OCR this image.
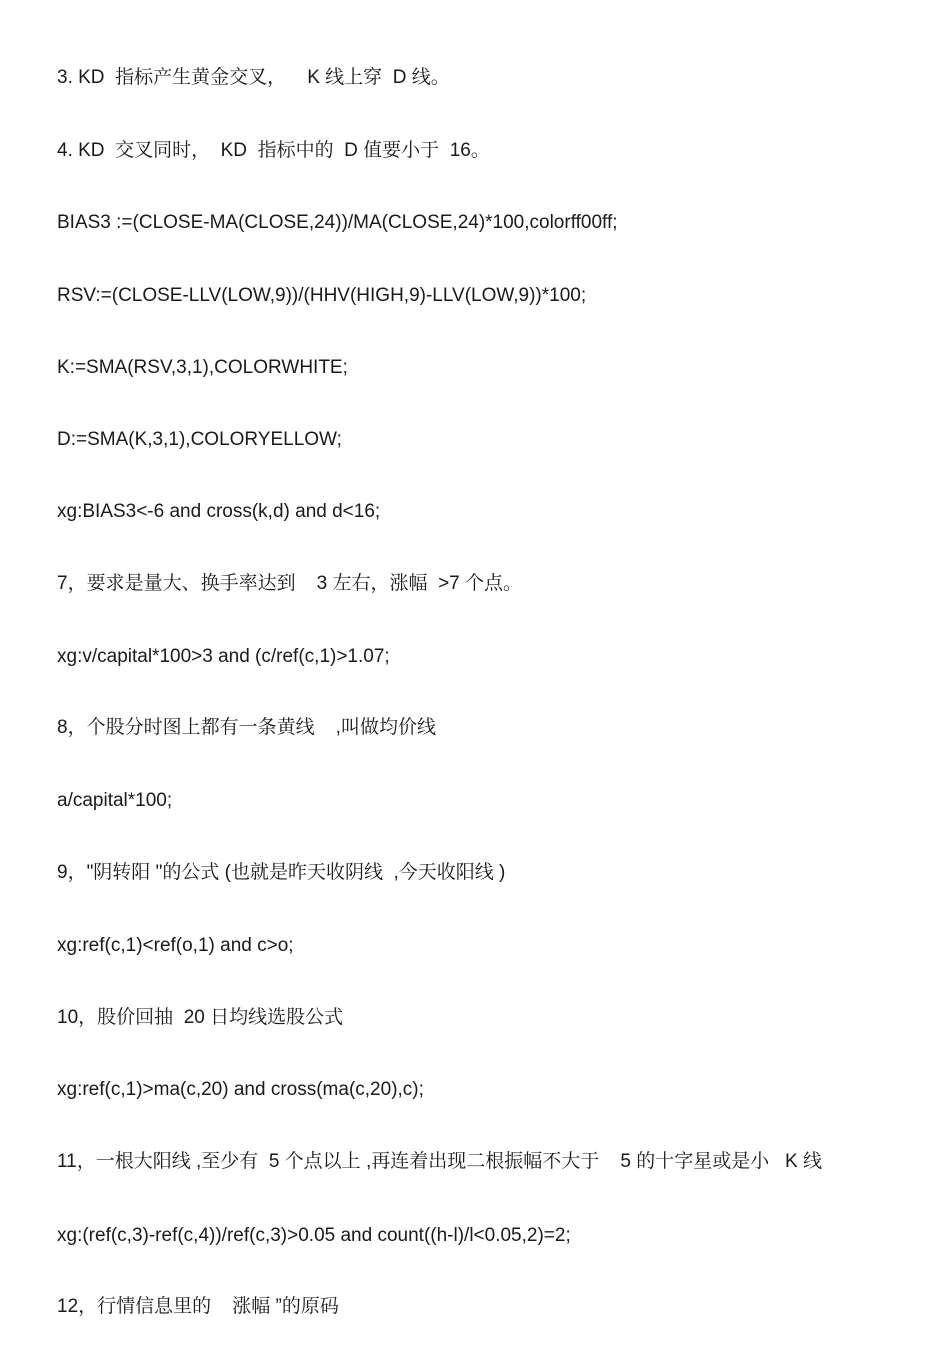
3. KD  指标产生黄金交叉，    K 线上穿  D 线。
4. KD  交叉同时，  KD  指标中的  D 值要小于  16。
BIAS3 :=(CLOSE-MA(CLOSE,24))/MA(CLOSE,24)*100,colorff00ff;
RSV:=(CLOSE-LLV(LOW,9))/(HHV(HIGH,9)-LLV(LOW,9))*100;
K:=SMA(RSV,3,1),COLORWHITE;
D:=SMA(K,3,1),COLORYELLOW;
xg:BIAS3<-6 and cross(k,d) and d<16;
7，要求是量大、换手率达到    3 左右，涨幅  >7 个点。
xg:v/capital*100>3 and (c/ref(c,1)>1.07;
8，个股分时图上都有一条黄线    ,叫做均价线
a/capital*100;
9，"阴转阳 "的公式 (也就是昨天收阴线  ,今天收阳线 )
xg:ref(c,1)<ref(o,1) and c>o;
10，股价回抽  20 日均线选股公式
xg:ref(c,1)>ma(c,20) and cross(ma(c,20),c);
11，一根大阳线 ,至少有  5 个点以上 ,再连着出现二根振幅不大于    5 的十字星或是小   K 线
xg:(ref(c,3)-ref(c,4))/ref(c,3)>0.05 and count((h-l)/l<0.05,2)=2;
12，行情信息里的    涨幅 ”的原码
